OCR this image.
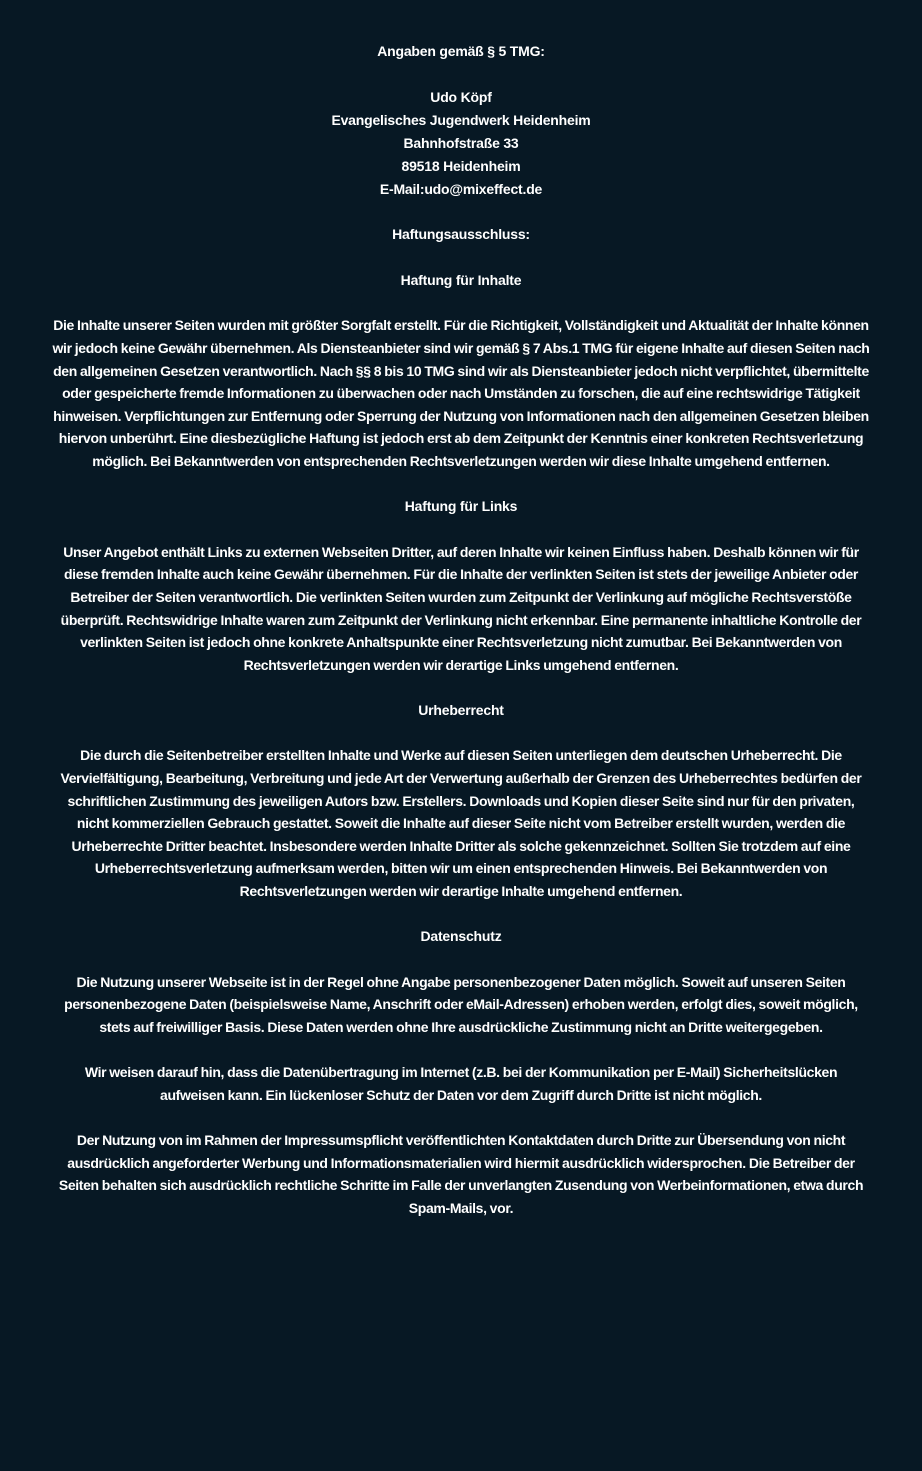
Angaben gemäß § 5 TMG:
Udo Köpf
Evangelisches Jugendwerk Heidenheim
Bahnhofstraße 33
89518 Heidenheim
E-Mail:udo@mixeffect.de
Haftungsausschluss:
Haftung für Inhalte

Die Inhalte unserer Seiten wurden mit größter Sorgfalt erstellt. Für die Richtigkeit, Vollständigkeit und Aktualität der Inhalte können wir jedoch keine Gewähr übernehmen. Als Diensteanbieter sind wir gemäß § 7 Abs.1 TMG für eigene Inhalte auf diesen Seiten nach den allgemeinen Gesetzen verantwortlich. Nach §§ 8 bis 10 TMG sind wir als Diensteanbieter jedoch nicht verpflichtet, übermittelte oder gespeicherte fremde Informationen zu überwachen oder nach Umständen zu forschen, die auf eine rechtswidrige Tätigkeit hinweisen. Verpflichtungen zur Entfernung oder Sperrung der Nutzung von Informationen nach den allgemeinen Gesetzen bleiben hiervon unberührt. Eine diesbezügliche Haftung ist jedoch erst ab dem Zeitpunkt der Kenntnis einer konkreten Rechtsverletzung möglich. Bei Bekanntwerden von entsprechenden Rechtsverletzungen werden wir diese Inhalte umgehend entfernen.

Haftung für Links

Unser Angebot enthält Links zu externen Webseiten Dritter, auf deren Inhalte wir keinen Einfluss haben. Deshalb können wir für diese fremden Inhalte auch keine Gewähr übernehmen. Für die Inhalte der verlinkten Seiten ist stets der jeweilige Anbieter oder Betreiber der Seiten verantwortlich. Die verlinkten Seiten wurden zum Zeitpunkt der Verlinkung auf mögliche Rechtsverstöße überprüft. Rechtswidrige Inhalte waren zum Zeitpunkt der Verlinkung nicht erkennbar. Eine permanente inhaltliche Kontrolle der verlinkten Seiten ist jedoch ohne konkrete Anhaltspunkte einer Rechtsverletzung nicht zumutbar. Bei Bekanntwerden von Rechtsverletzungen werden wir derartige Links umgehend entfernen.

Urheberrecht

Die durch die Seitenbetreiber erstellten Inhalte und Werke auf diesen Seiten unterliegen dem deutschen Urheberrecht. Die Vervielfältigung, Bearbeitung, Verbreitung und jede Art der Verwertung außerhalb der Grenzen des Urheberrechtes bedürfen der schriftlichen Zustimmung des jeweiligen Autors bzw. Erstellers. Downloads und Kopien dieser Seite sind nur für den privaten, nicht kommerziellen Gebrauch gestattet. Soweit die Inhalte auf dieser Seite nicht vom Betreiber erstellt wurden, werden die Urheberrechte Dritter beachtet. Insbesondere werden Inhalte Dritter als solche gekennzeichnet. Sollten Sie trotzdem auf eine Urheberrechtsverletzung aufmerksam werden, bitten wir um einen entsprechenden Hinweis. Bei Bekanntwerden von Rechtsverletzungen werden wir derartige Inhalte umgehend entfernen.

Datenschutz

Die Nutzung unserer Webseite ist in der Regel ohne Angabe personenbezogener Daten möglich. Soweit auf unseren Seiten personenbezogene Daten (beispielsweise Name, Anschrift oder eMail-Adressen) erhoben werden, erfolgt dies, soweit möglich, stets auf freiwilliger Basis. Diese Daten werden ohne Ihre ausdrückliche Zustimmung nicht an Dritte weitergegeben.

Wir weisen darauf hin, dass die Datenübertragung im Internet (z.B. bei der Kommunikation per E-Mail) Sicherheitslücken aufweisen kann. Ein lückenloser Schutz der Daten vor dem Zugriff durch Dritte ist nicht möglich.

Der Nutzung von im Rahmen der Impressumspflicht veröffentlichten Kontaktdaten durch Dritte zur Übersendung von nicht ausdrücklich angeforderter Werbung und Informationsmaterialien wird hiermit ausdrücklich widersprochen. Die Betreiber der Seiten behalten sich ausdrücklich rechtliche Schritte im Falle der unverlangten Zusendung von Werbeinformationen, etwa durch Spam-Mails, vor.
